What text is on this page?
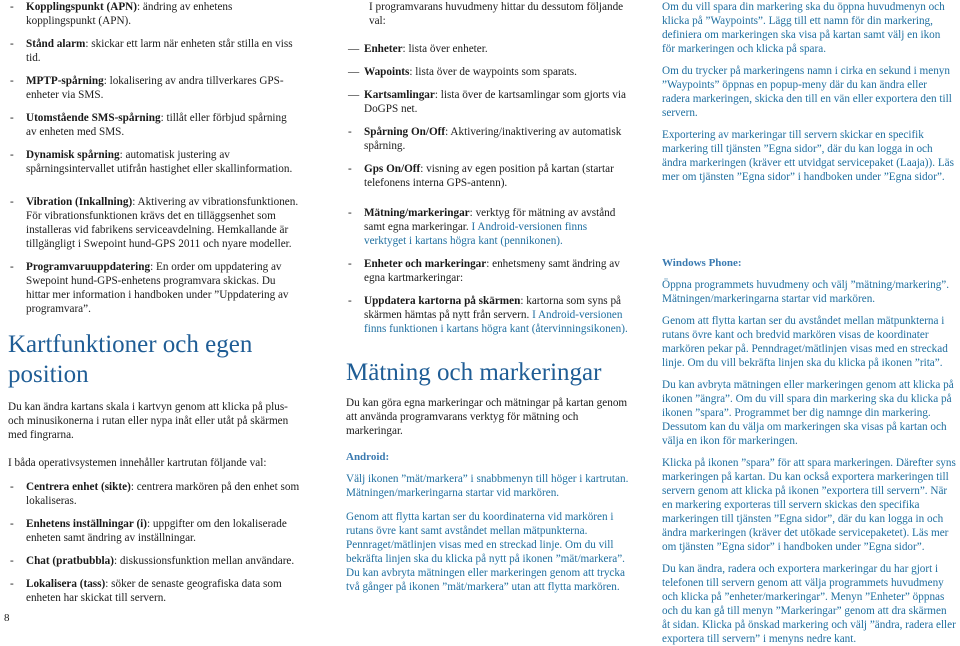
- Kopplingspunkt (APN): ändring av enhetens kopplingspunkt (APN).
- Stånd alarm: skickar ett larm när enheten står stilla en viss tid.
- MPTP-spårning: lokalisering av andra tillverkares GPS-enheter via SMS.
- Utomstående SMS-spårning: tillåt eller förbjud spårning av enheten med SMS.
- Dynamisk spårning: automatisk justering av spårningsintervallet utifrån hastighet eller skallinformation.
- Vibration (Inkallning): Aktivering av vibrationsfunktionen. För vibrationsfunktionen krävs det en tilläggsenhet som installeras vid fabrikens serviceavdelning. Hemkallande är tillgängligt i Swepoint hund-GPS 2011 och nyare modeller.
- Programvaruuppdatering: En order om uppdatering av Swepoint hund-GPS-enhetens programvara skickas. Du hittar mer information i handboken under ”Uppdatering av programvara”.
Kartfunktioner och egen position

Du kan ändra kartans skala i kartvyn genom att klicka på plus- och minusikonerna i rutan eller nypa inåt eller utåt på skärmen med fingrarna.

I båda operativsystemen innehåller kartrutan följande val:

- Centrera enhet (sikte): centrera markören på den enhet som lokaliseras.
- Enhetens inställningar (i): uppgifter om den lokaliserade enheten samt ändring av inställningar.
- Chat (pratbubbla): diskussionsfunktion mellan användare.
- Lokalisera (tass): söker de senaste geografiska data som enheten har skickat till servern.
8

I programvarans huvudmeny hittar du dessutom följande val:

— Enheter: lista över enheter.
— Wapoints: lista över de waypoints som sparats.
— Kartsamlingar: lista över de kartsamlingar som gjorts via DoGPS net.
- Spårning On/Off: Aktivering/inaktivering av automatisk spårning.
- Gps On/Off: visning av egen position på kartan (startar telefonens interna GPS-antenn).
- Mätning/markeringar: verktyg för mätning av avstånd samt egna markeringar. I Android-versionen finns verktyget i kartans högra kant (pennikonen).
- Enheter och markeringar: enhetsmeny samt ändring av egna kartmarkeringar:
- Uppdatera kartorna på skärmen: kartorna som syns på skärmen hämtas på nytt från servern. I Android-versionen finns funktionen i kartans högra kant (återvinningsikonen).
Mätning och markeringar

Du kan göra egna markeringar och mätningar på kartan genom att använda programvarans verktyg för mätning och markeringar.

Android:

Välj ikonen ”mät/markera” i snabbmenyn till höger i kartrutan. Mätningen/markeringarna startar vid markören.

Genom att flytta kartan ser du koordinaterna vid markören i rutans övre kant samt avståndet mellan mätpunkterna. Pennraget/mätlinjen visas med en streckad linje. Om du vill bekräfta linjen ska du klicka på nytt på ikonen ”mät/markera”. Du kan avbryta mätningen eller markeringen genom att trycka två gånger på ikonen ”mät/markera” utan att flytta markören.

Om du vill spara din markering ska du öppna huvudmenyn och klicka på ”Waypoints”. Lägg till ett namn för din markering, definiera om markeringen ska visa på kartan samt välj en ikon för markeringen och klicka på spara.

Om du trycker på markeringens namn i cirka en sekund i menyn ”Waypoints” öppnas en popup-meny där du kan ändra eller radera markeringen, skicka den till en vän eller exportera den till servern.

Exportering av markeringar till servern skickar en specifik markering till tjänsten ”Egna sidor”, där du kan logga in och ändra markeringen (kräver ett utvidgat servicepaket (Laaja)). Läs mer om tjänsten ”Egna sidor” i handboken under ”Egna sidor”.

Windows Phone:

Öppna programmets huvudmeny och välj ”mätning/markering”. Mätningen/markeringarna startar vid markören.

Genom att flytta kartan ser du avståndet mellan mätpunkterna i rutans övre kant och bredvid markören visas de koordinater markören pekar på. Penndraget/mätlinjen visas med en streckad linje. Om du vill bekräfta linjen ska du klicka på ikonen ”rita”.

Du kan avbryta mätningen eller markeringen genom att klicka på ikonen ”ängra”. Om du vill spara din markering ska du klicka på ikonen ”spara”. Programmet ber dig namnge din markering. Dessutom kan du välja om markeringen ska visas på kartan och välja en ikon för markeringen.

Klicka på ikonen ”spara” för att spara markeringen. Därefter syns markeringen på kartan. Du kan också exportera markeringen till servern genom att klicka på ikonen ”exportera till servern”. När en markering exporteras till servern skickas den specifika markeringen till tjänsten ”Egna sidor”, där du kan logga in och ändra markeringen (kräver det utökade servicepaketet). Läs mer om tjänsten ”Egna sidor” i handboken under ”Egna sidor”.

Du kan ändra, radera och exportera markeringar du har gjort i telefonen till servern genom att välja programmets huvudmeny och klicka på ”enheter/markeringar”. Menyn ”Enheter” öppnas och du kan gå till menyn ”Markeringar” genom att dra skärmen åt sidan. Klicka på önskad markering och välj ”ändra, radera eller exportera till servern” i menyns nedre kant.
